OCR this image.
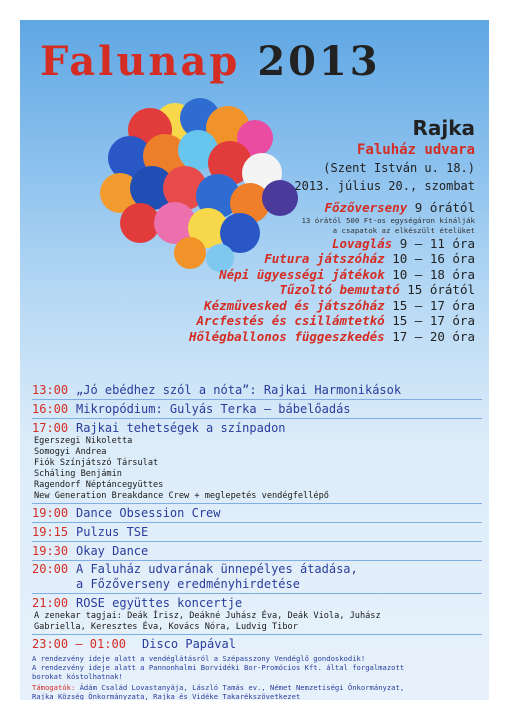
Falunap 2013
Rajka
Faluház udvara
(Szent István u. 18.)
2013. július 20., szombat
Főzőverseny 9 órától
13 órától 500 Ft-os egységáron kínálják
a csapatok az elkészült ételüket
Lovaglás 9 – 11 óra
Futura játszóház 10 – 16 óra
Népi ügyességi játékok 10 – 18 óra
Tűzoltó bemutató 15 órától
Kézművesked és játszóház 15 – 17 óra
Arcfestés és csillámtetkó 15 – 17 óra
Hőlégballonos függeszkedés 17 – 20 óra
13:00 „Jó ebédhez szól a nóta”: Rajkai Harmonikások
16:00 Mikropódium: Gulyás Terka – bábelőadás
17:00 Rajkai tehetségek a színpadon
Egerszegi Nikoletta
Somogyi Andrea
Fiók Színjátszó Társulat
Scháling Benjámin
Ragendorf Néptáncegyüttes
New Generation Breakdance Crew + meglepetés vendégfellépő
19:00 Dance Obsession Crew
19:15 Pulzus TSE
19:30 Okay Dance
20:00 A Faluház udvarának ünnepélyes átadása,
a Főzőverseny eredményhirdetése
21:00 ROSE együttes koncertje
A zenekar tagjai: Deák Írisz, Deákné Juhász Éva, Deák Viola, Juhász
Gabriella, Keresztes Éva, Kovács Nóra, Ludvig Tibor
23:00 – 01:00 Disco Papával
A rendezvény ideje alatt a vendéglátásról a Szépasszony Vendéglő gondoskodik!
A rendezvény ideje alatt a Pannonhalmi Borvidéki Bor-Promócios Kft. által forgalmazott
borokat kóstolhatnak!
Támogatók: Ádám Család Lovastanyája, László Tamás ev., Német Nemzetiségi Önkormányzat,
Rajka Község Önkormányzata, Rajka és Vidéke Takarékszövetkezet
